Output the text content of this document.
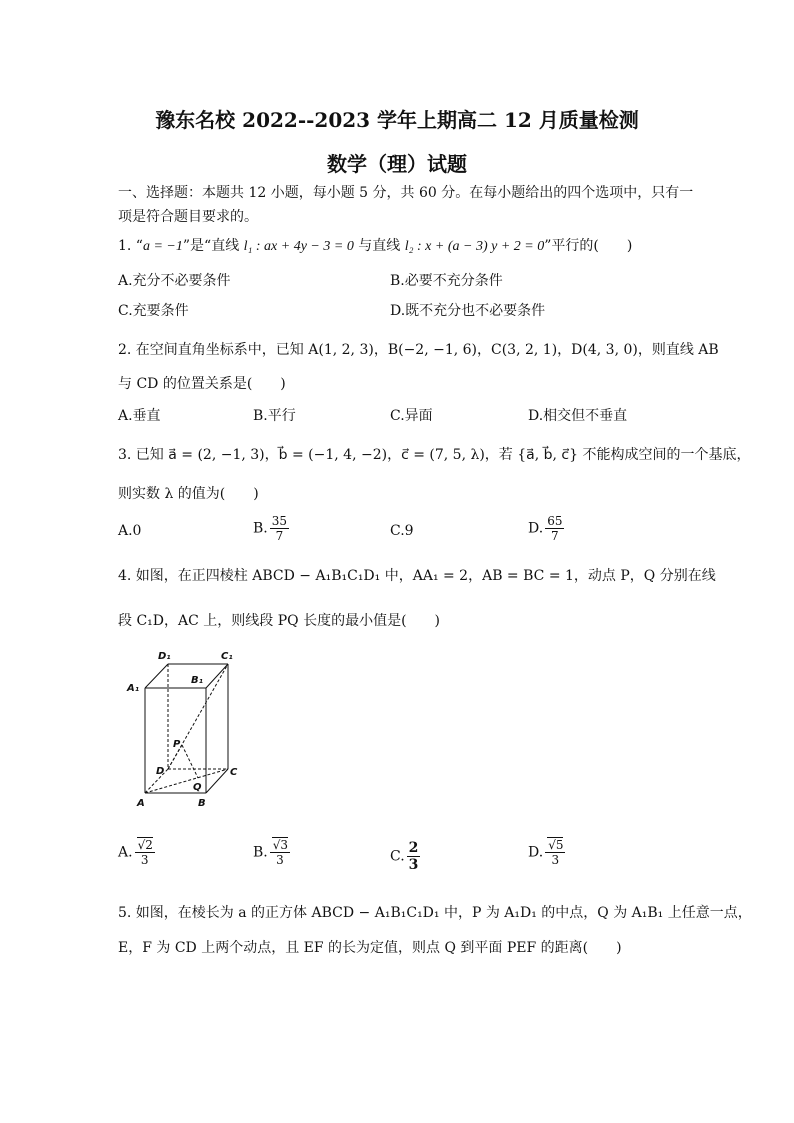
豫东名校 2022--2023 学年上期高二 12 月质量检测
数学（理）试题
一、选择题：本题共 12 小题，每小题 5 分，共 60 分。在每小题给出的四个选项中，只有一
项是符合题目要求的。
1. “a = −1”是“直线 l₁ : ax + 4y − 3 = 0 与直线 l₂ : x + (a − 3) y + 2 = 0”平行的(　　)
A.充分不必要条件	B.必要不充分条件
C.充要条件	D.既不充分也不必要条件
2. 在空间直角坐标系中，已知 A(1, 2, 3)，B(−2, −1, 6)，C(3, 2, 1)，D(4, 3, 0)，则直线 AB
与 CD 的位置关系是(　　)
A.垂直	B.平行	C.异面	D.相交但不垂直
3. 已知 a⃗ = (2, −1, 3)，b⃗ = (−1, 4, −2)，c⃗ = (7, 5, λ)，若 {a⃗, b⃗, c⃗} 不能构成空间的一个基底，
则实数 λ 的值为(　　)
A.0	B. $\frac{35}{7}$	C.9	D. $\frac{65}{7}$
4. 如图，在正四棱柱 ABCD − A₁B₁C₁D₁ 中，AA₁ = 2，AB = BC = 1，动点 P，Q 分别在线
段 C₁D，AC 上，则线段 PQ 长度的最小值是(　　)
D₁	C₁
A₁
B₁
P
D	C
Q
A	B
A. $\frac{√2}{3}$	B. $\frac{√3}{3}$	C. $\frac{2}{3}$	D. $\frac{√5}{3}$
5. 如图，在棱长为 a 的正方体 ABCD − A₁B₁C₁D₁ 中，P 为 A₁D₁ 的中点，Q 为 A₁B₁ 上任意一点，
E，F 为 CD 上两个动点，且 EF 的长为定值，则点 Q 到平面 PEF 的距离(　　)
